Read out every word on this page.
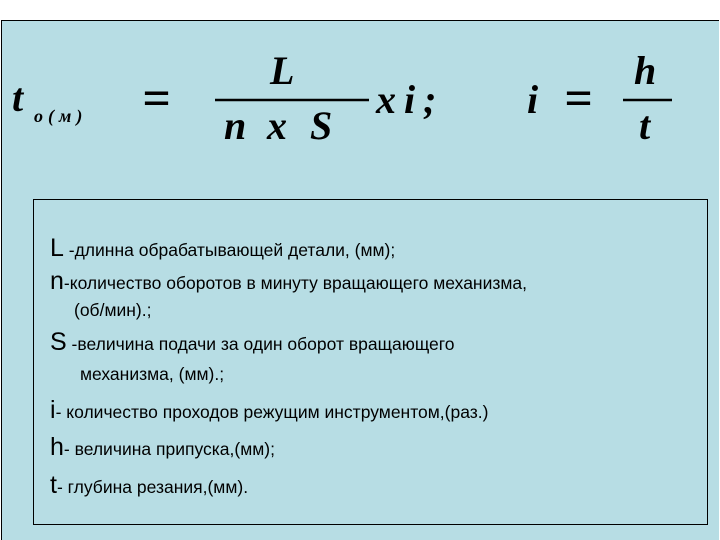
t o(м) = L
n x S
xi; i = h
t
L -длинна обрабатывающей детали, (мм);
n-количество оборотов в минуту вращающего механизма,
(об/мин).;
S -величина подачи за один оборот вращающего
механизма, (мм).;
i- количество проходов режущим инструментом,(раз.)
h- величина припуска,(мм);
t- глубина резания,(мм).
